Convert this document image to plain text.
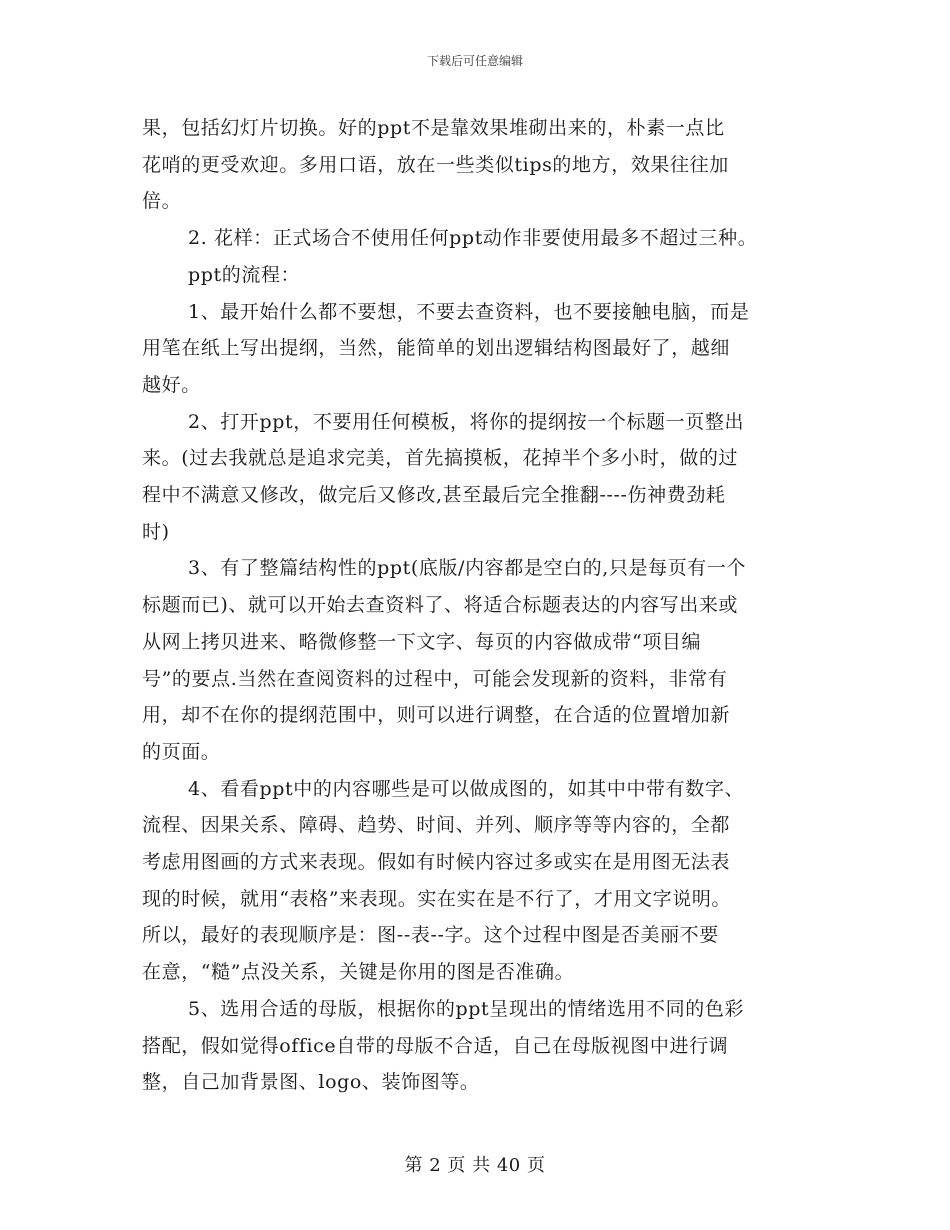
下载后可任意编辑
果，包括幻灯片切换。好的ppt不是靠效果堆砌出来的，朴素一点比
花哨的更受欢迎。多用口语，放在一些类似tips的地方，效果往往加
倍。
2. 花样：正式场合不使用任何ppt动作非要使用最多不超过三种。
ppt的流程：
1、最开始什么都不要想，不要去查资料，也不要接触电脑，而是
用笔在纸上写出提纲，当然，能简单的划出逻辑结构图最好了，越细
越好。
2、打开ppt，不要用任何模板，将你的提纲按一个标题一页整出
来。(过去我就总是追求完美，首先搞摸板，花掉半个多小时，做的过
程中不满意又修改，做完后又修改,甚至最后完全推翻----伤神费劲耗
时)
3、有了整篇结构性的ppt(底版/内容都是空白的,只是每页有一个
标题而已)、就可以开始去查资料了、将适合标题表达的内容写出来或
从网上拷贝进来、略微修整一下文字、每页的内容做成带“项目编
号”的要点.当然在查阅资料的过程中，可能会发现新的资料，非常有
用，却不在你的提纲范围中，则可以进行调整，在合适的位置增加新
的页面。
4、看看ppt中的内容哪些是可以做成图的，如其中中带有数字、
流程、因果关系、障碍、趋势、时间、并列、顺序等等内容的，全都
考虑用图画的方式来表现。假如有时候内容过多或实在是用图无法表
现的时候，就用“表格”来表现。实在实在是不行了，才用文字说明。
所以，最好的表现顺序是：图--表--字。这个过程中图是否美丽不要
在意，“糙”点没关系，关键是你用的图是否准确。
5、选用合适的母版，根据你的ppt呈现出的情绪选用不同的色彩
搭配，假如觉得office自带的母版不合适，自己在母版视图中进行调
整，自己加背景图、logo、装饰图等。
第 2 页 共 40 页
